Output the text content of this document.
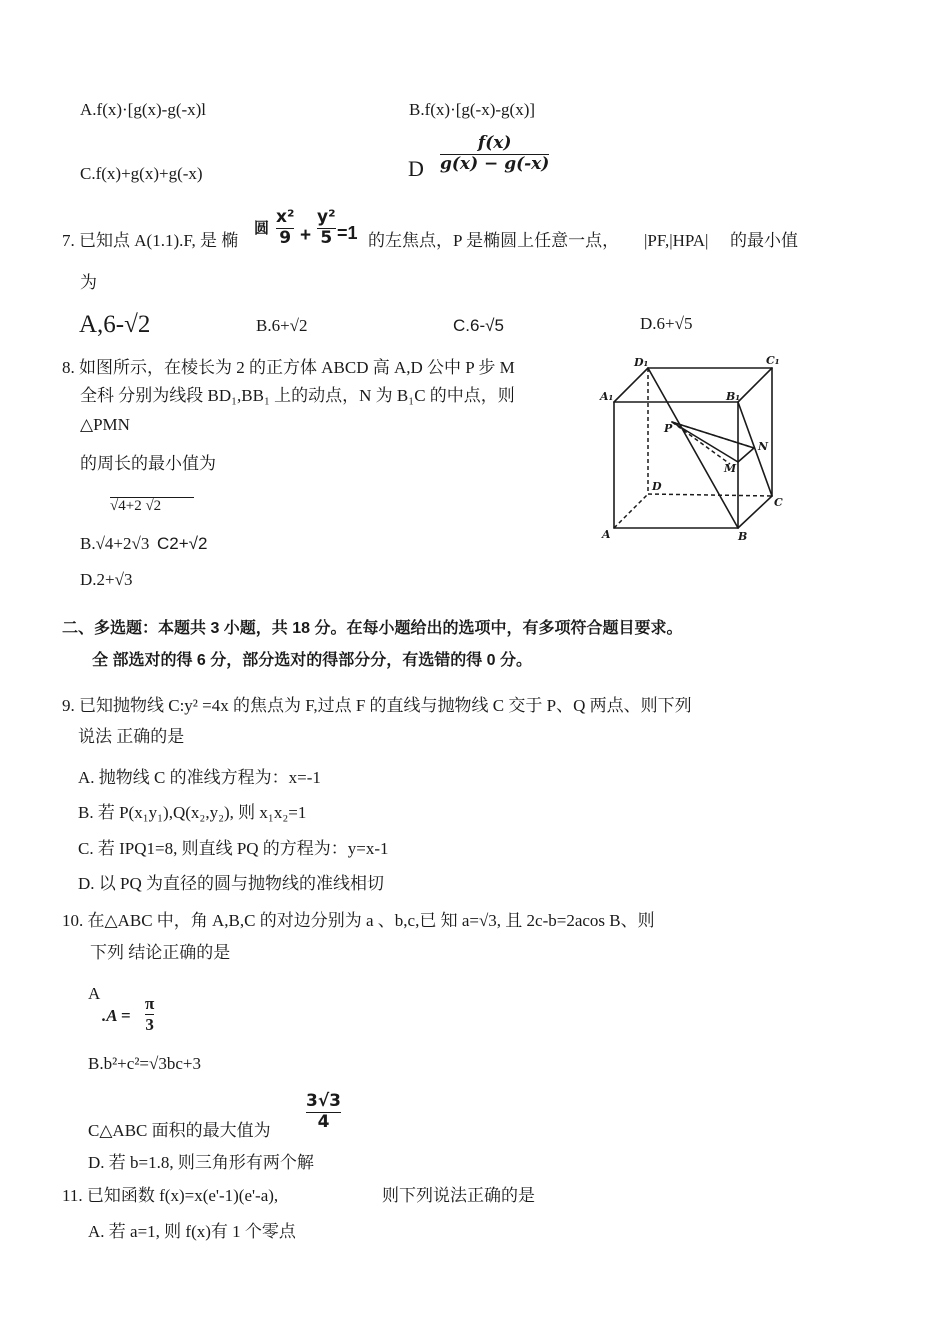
A.f(x)·[g(x)-g(-x)l	B.f(x)·[g(-x)-g(x)]
C.f(x)+g(x)+g(-x)	D
f(x)
g(x) − g(-x)
7. 已知点 A(1.1).F, 是 椭
圆
x²
9 +
y²
5 =1 的左焦点，P 是椭圆上任意一点， |PF,|HPA| 的最小值
为
A,6-√2	B.6+√2	C.6-√5	D.6+√5
8. 如图所示，在棱长为 2 的正方体 ABCD 高 A,D 公中 P 步 M
全科 分别为线段 BD₁,BB₁ 上的动点，N 为 B₁C 的中点，则
△PMN
的周长的最小值为
√4+2 √2
B.√4+2√3 C2+√2
D.2+√3
D₁	C₁
A₁	B₁
P
N
M
D
C
A	B
二、多选题：本题共 3 小题，共 18 分。在每小题给出的选项中，有多项符合题目要求。
全 部选对的得 6 分，部分选对的得部分分，有选错的得 0 分。
9. 已知抛物线 C:y² =4x 的焦点为 F,过点 F 的直线与抛物线 C 交于 P、Q 两点、则下列
说法 正确的是
A. 抛物线 C 的准线方程为：x=-1
B. 若 P(x₁y₁),Q(x₂,y₂), 则 x₁x₂=1
C. 若 IPQ1=8, 则直线 PQ 的方程为：y=x-1
D. 以 PQ 为直径的圆与抛物线的准线相切
10. 在△ABC 中，角 A,B,C 的对边分别为 a 、b,c,已 知 a=√3, 且 2c-b=2acos B、则
下列 结论正确的是
A
.A =
π
3
B.b²+c²=√3bc+3
C△ABC 面积的最大值为
3√3
4
D. 若 b=1.8, 则三角形有两个解
11. 已知函数 f(x)=x(e'-1)(e'-a),	则下列说法正确的是
A. 若 a=1, 则 f(x)有 1 个零点
